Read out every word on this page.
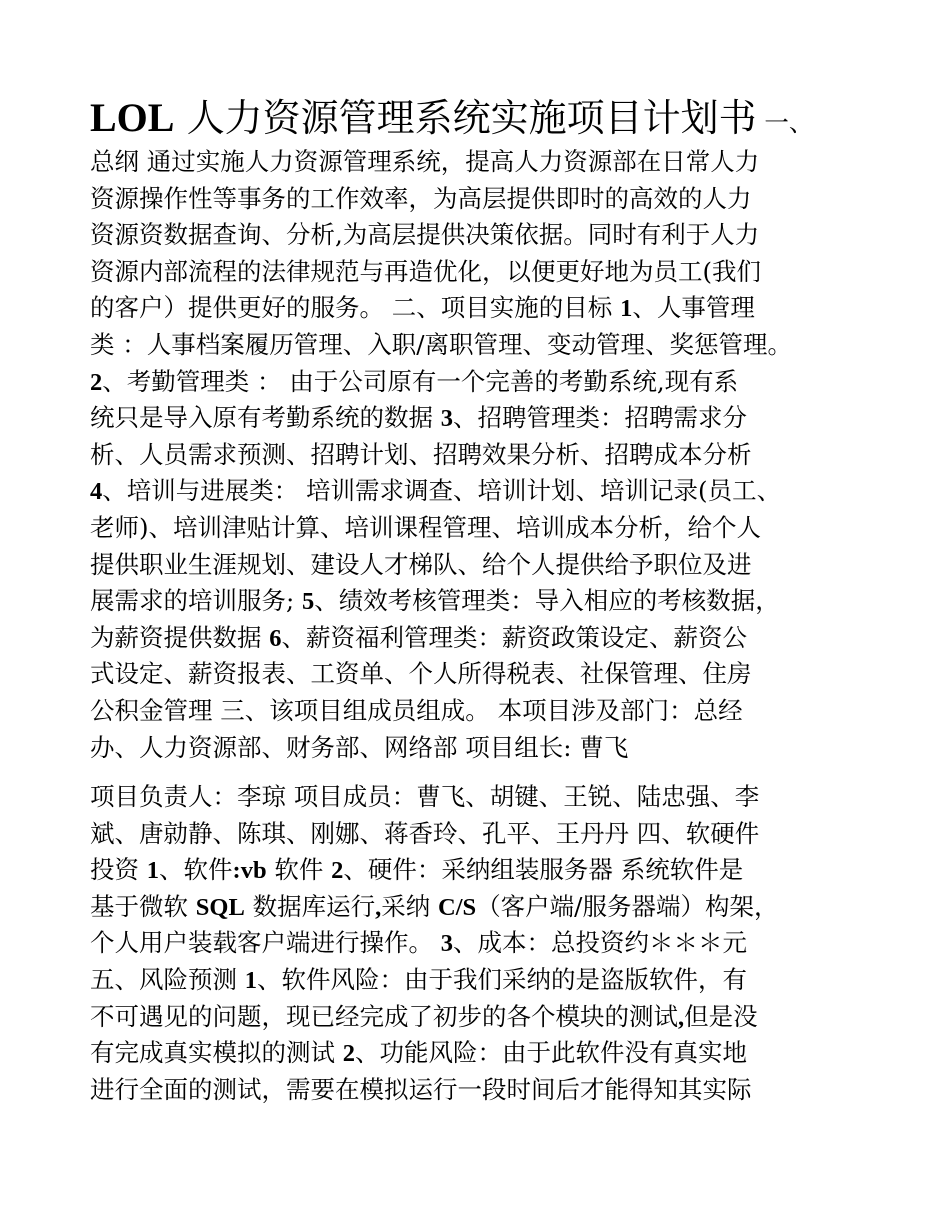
LOL 人力资源管理系统实施项目计划书 一、
总纲 通过实施人力资源管理系统，提高人力资源部在日常人力
资源操作性等事务的工作效率，为高层提供即时的高效的人力
资源资数据查询、分析,为高层提供决策依据。同时有利于人力
资源内部流程的法律规范与再造优化，以便更好地为员工(我们
的客户）提供更好的服务。 二、项目实施的目标 1、人事管理
类 ：人事档案履历管理、入职/离职管理、变动管理、奖惩管理。
2、考勤管理类 ： 由于公司原有一个完善的考勤系统,现有系
统只是导入原有考勤系统的数据 3、招聘管理类：招聘需求分
析、人员需求预测、招聘计划、招聘效果分析、招聘成本分析
4、培训与进展类： 培训需求调查、培训计划、培训记录(员工、
老师)、培训津贴计算、培训课程管理、培训成本分析，给个人
提供职业生涯规划、建设人才梯队、给个人提供给予职位及进
展需求的培训服务; 5、绩效考核管理类：导入相应的考核数据，
为薪资提供数据 6、薪资福利管理类：薪资政策设定、薪资公
式设定、薪资报表、工资单、个人所得税表、社保管理、住房
公积金管理 三、该项目组成员组成。 本项目涉及部门：总经
办、人力资源部、财务部、网络部 项目组长: 曹飞
项目负责人：李琼 项目成员：曹飞、胡键、王锐、陆忠强、李
斌、唐勍静、陈琪、刚娜、蒋香玲、孔平、王丹丹 四、软硬件
投资 1、软件:vb 软件 2、硬件：采纳组装服务器 系统软件是
基于微软 SQL 数据库运行,采纳 C/S（客户端/服务器端）构架，
个人用户装载客户端进行操作。 3、成本：总投资约＊＊＊元
五、风险预测 1、软件风险：由于我们采纳的是盗版软件，有
不可遇见的问题，现已经完成了初步的各个模块的测试,但是没
有完成真实模拟的测试 2、功能风险：由于此软件没有真实地
进行全面的测试，需要在模拟运行一段时间后才能得知其实际
